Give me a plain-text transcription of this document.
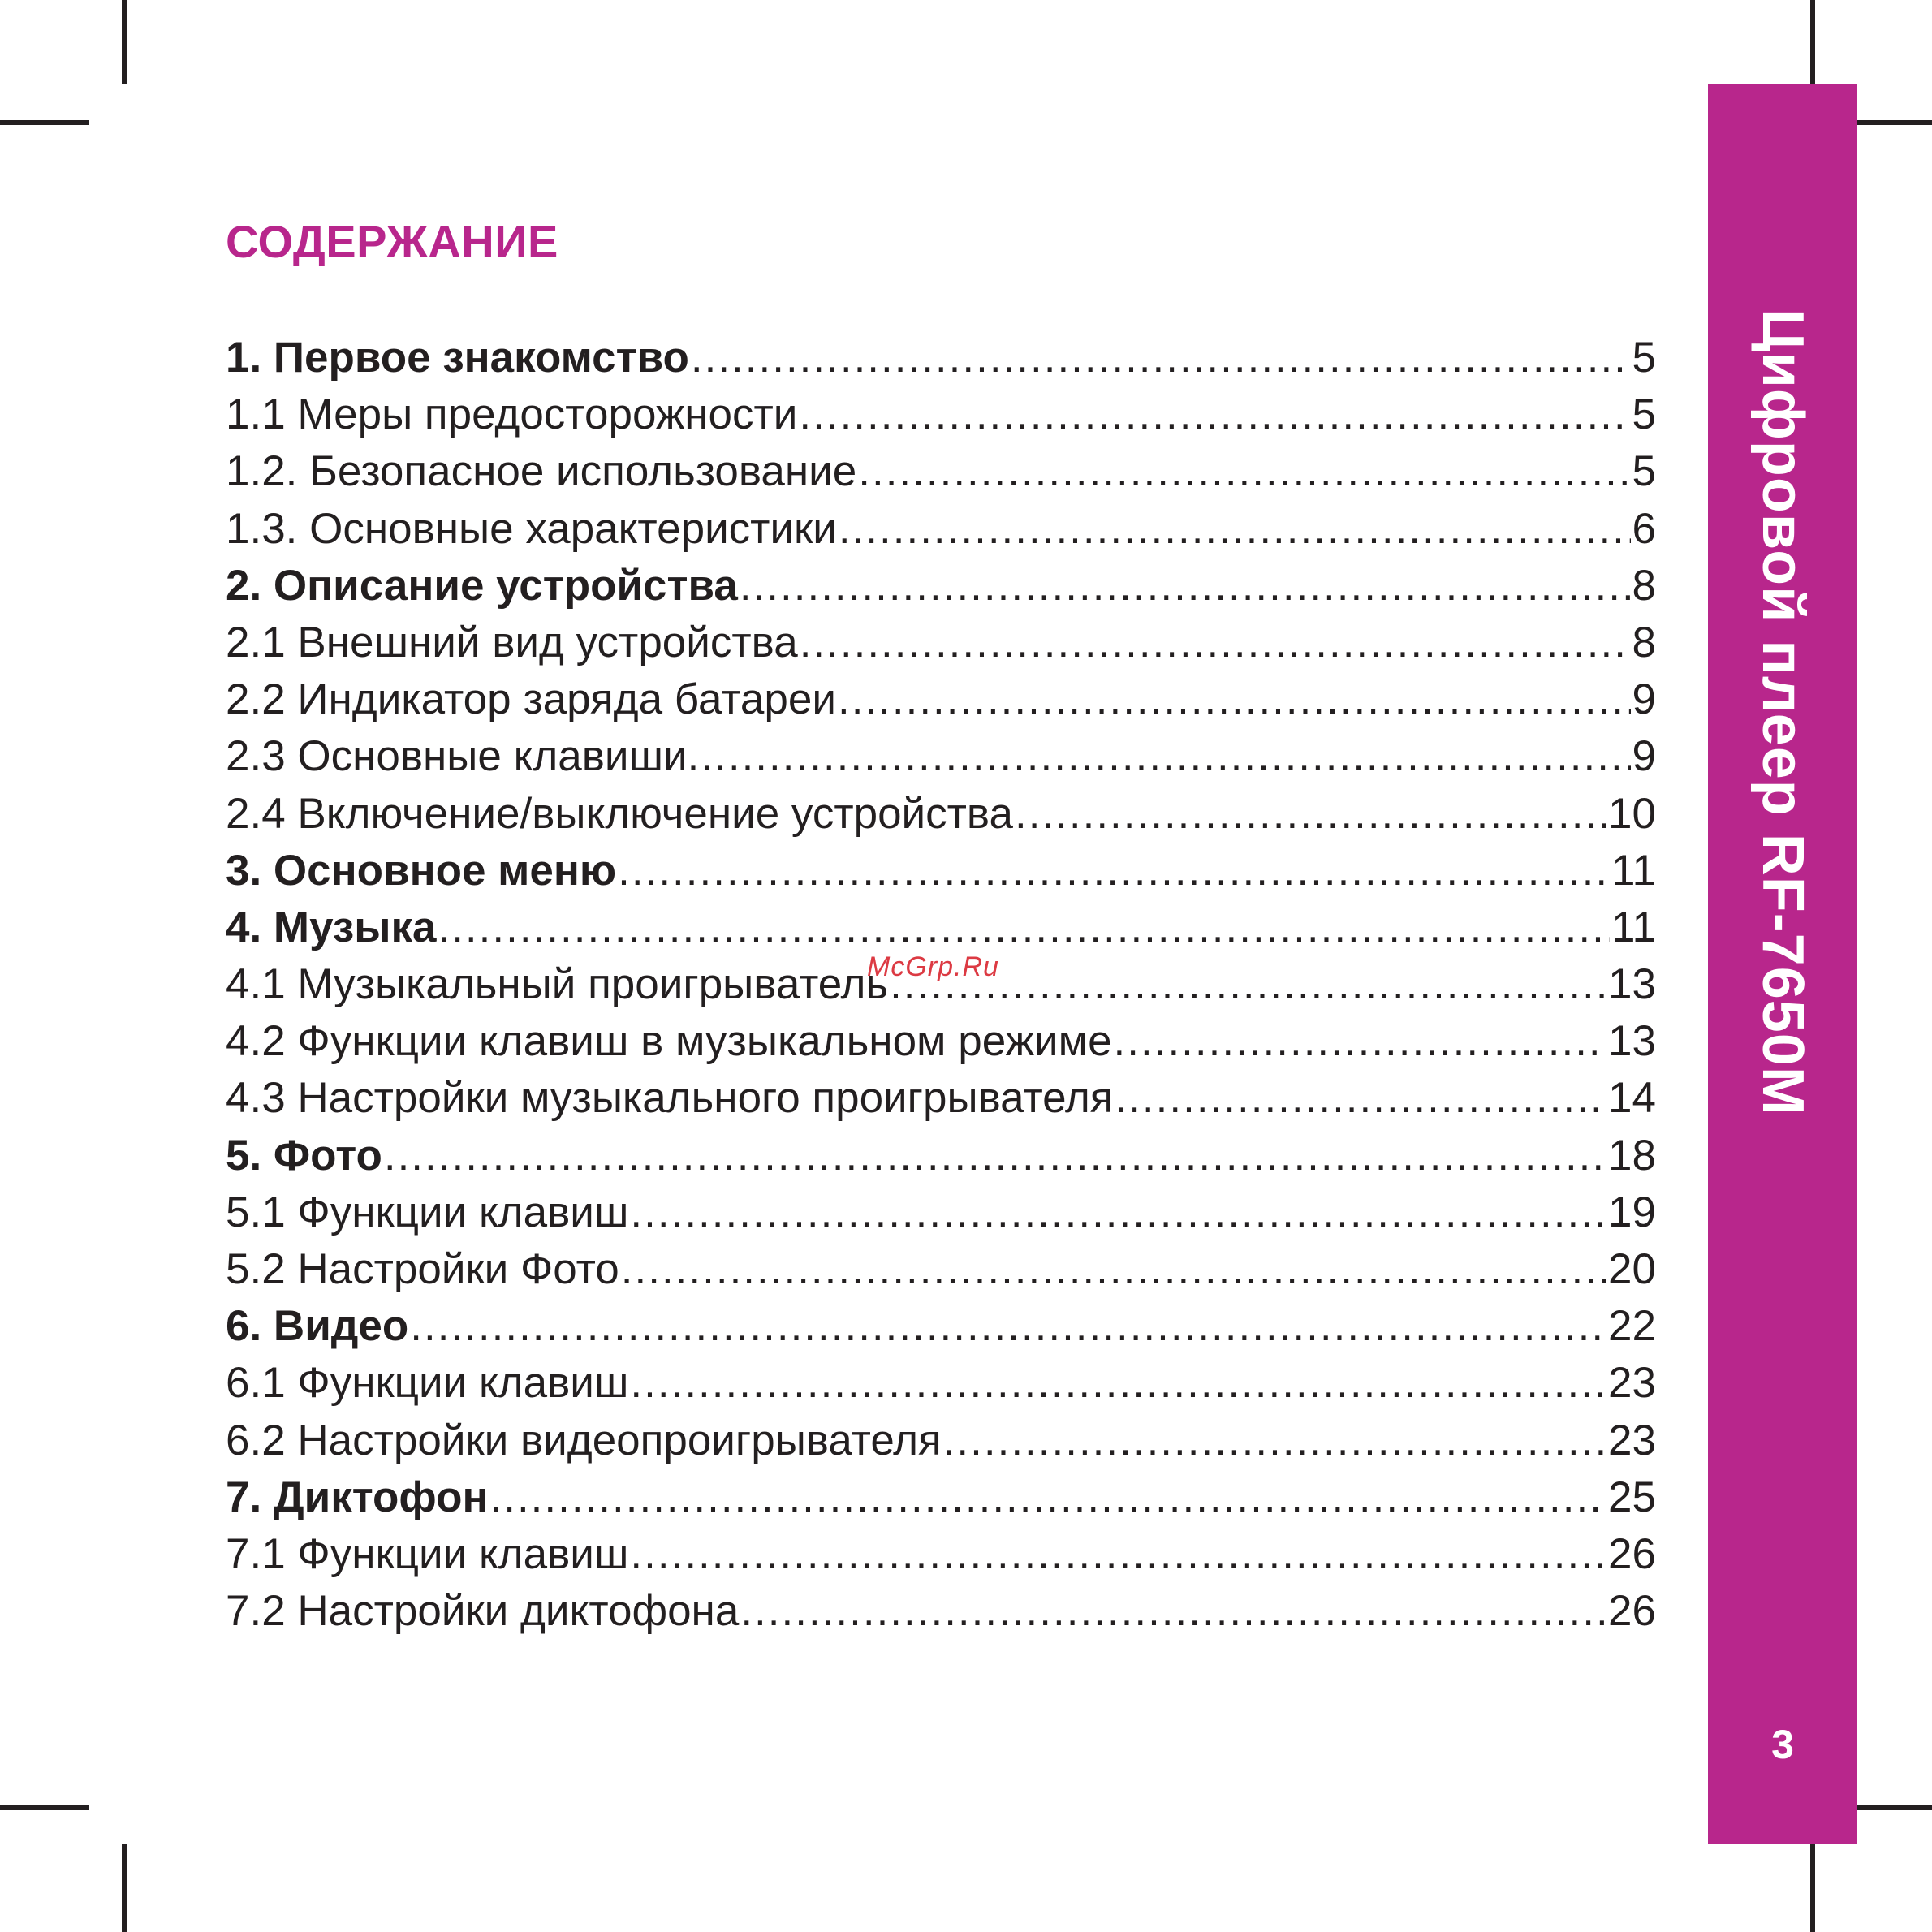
Цифровой плеер RF-7650M
3
СОДЕРЖАНИЕ
1. Первое знакомство .....	5
1.1 Меры предосторожности .....	5
1.2. Безопасное использование .....	5
1.3. Основные характеристики .....	6
2. Описание устройства .....	8
2.1 Внешний вид устройства .....	8
2.2 Индикатор заряда батареи .....	9
2.3 Основные клавиши. .....	9
2.4 Включение/выключение устройства .....	10
3. Основное меню .....	11
4. Музыка .....	11
4.1 Музыкальный проигрыватель .....	13
4.2 Функции клавиш в музыкальном режиме .....	13
4.3 Настройки музыкального проигрывателя .....	14
5. Фото .....	18
5.1 Функции клавиш .....	19
5.2 Настройки Фото .....	20
6. Видео .....	22
6.1 Функции клавиш .....	23
6.2 Настройки видеопроигрывателя .....	23
7. Диктофон .....	25
7.1 Функции клавиш .....	26
7.2 Настройки диктофона .....	26
McGrp.Ru
